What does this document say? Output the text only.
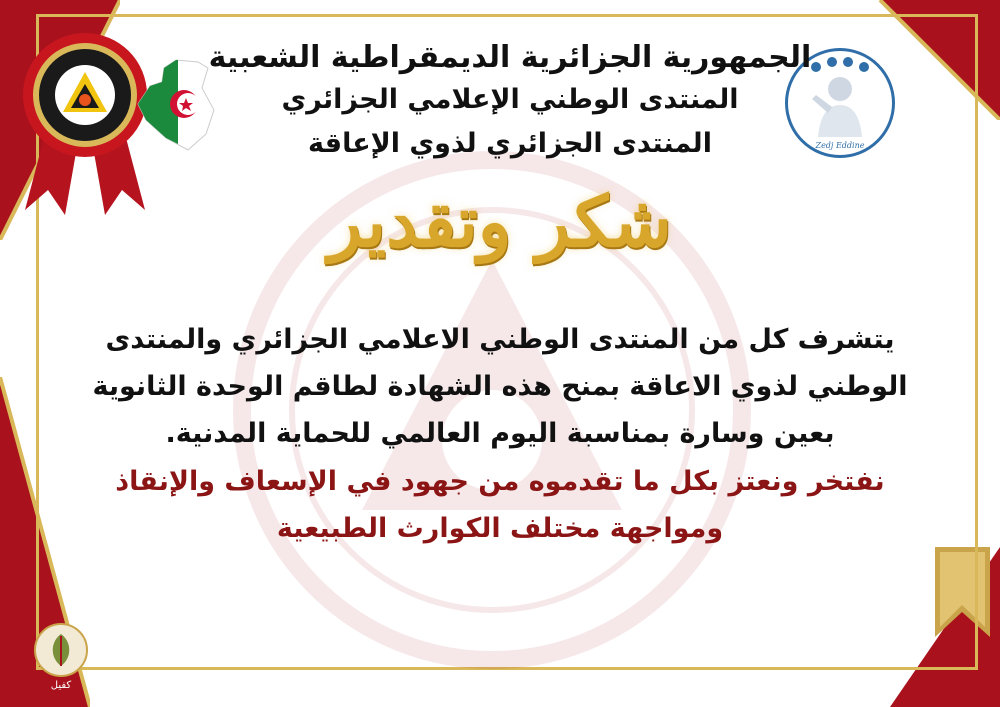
Zedj Eddine
الجمهورية الجزائرية الديمقراطية الشعبية
المنتدى الوطني الإعلامي الجزائري
المنتدى الجزائري لذوي الإعاقة
شكر وتقدير
يتشرف كل من المنتدى الوطني الاعلامي الجزائري والمنتدى
الوطني لذوي الاعاقة بمنح هذه الشهادة لطاقم الوحدة الثانوية
بعين وسارة بمناسبة اليوم العالمي للحماية المدنية.
نفتخر ونعتز بكل ما تقدموه من جهود في الإسعاف والإنقاذ
ومواجهة مختلف الكوارث الطبيعية
كفيل
